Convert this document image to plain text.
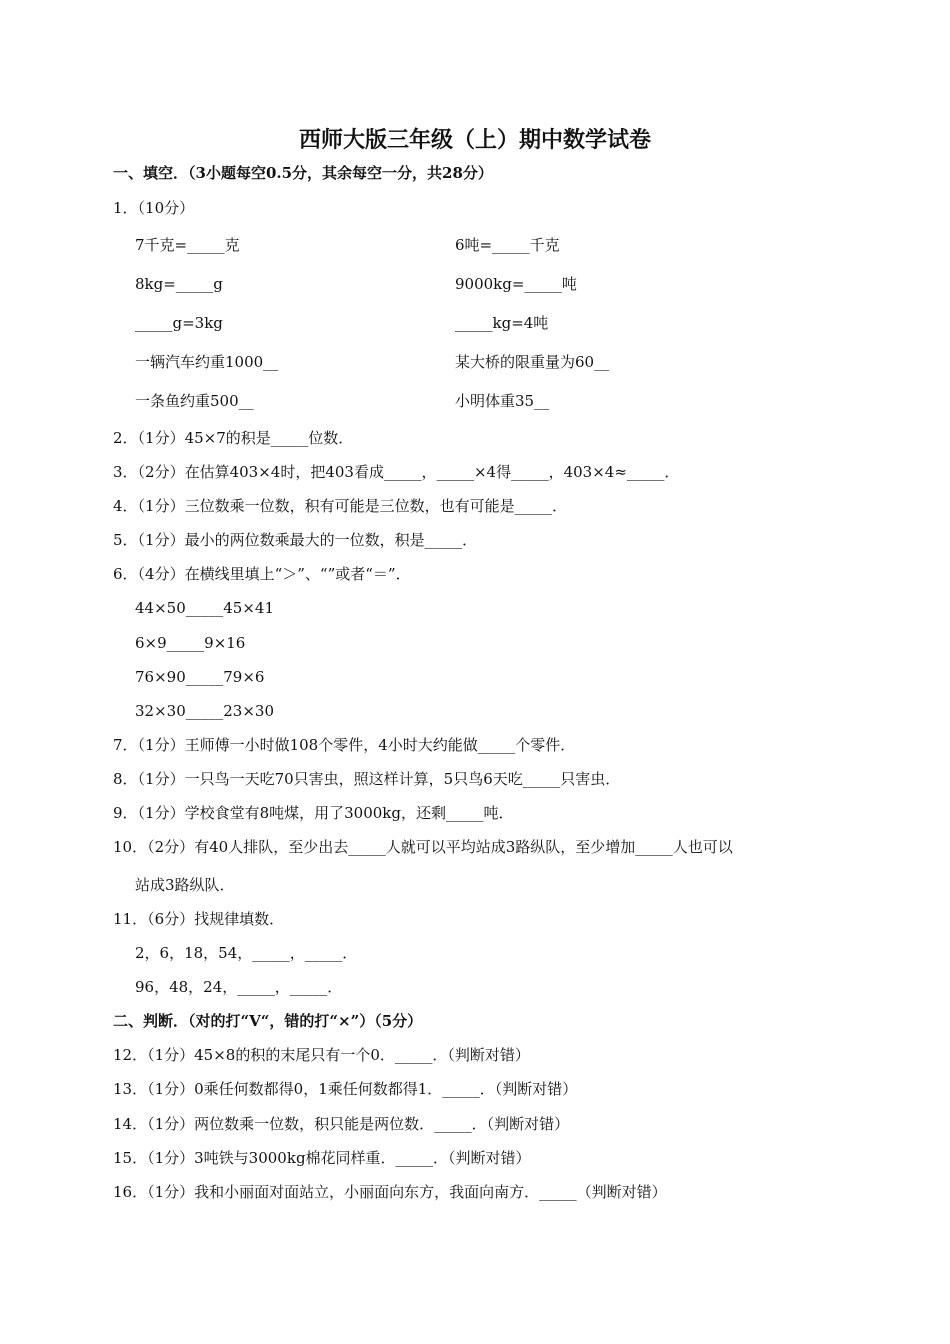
西师大版三年级（上）期中数学试卷
一、填空．（3小题每空0.5分，其余每空一分，共28分）
1．（10分）
7千克=_____克	6吨=_____千克
8kg=_____g	9000kg=_____吨
_____g=3kg	_____kg=4吨
一辆汽车约重1000__	某大桥的限重量为60__
一条鱼约重500__	小明体重35__
2．（1分）45×7的积是_____位数．
3．（2分）在估算403×4时，把403看成_____，_____×4得_____，403×4≈_____．
4．（1分）三位数乘一位数，积有可能是三位数，也有可能是_____．
5．（1分）最小的两位数乘最大的一位数，积是_____．
6．（4分）在横线里填上“＞”、“”或者“＝”．
44×50_____45×41
6×9_____9×16
76×90_____79×6
32×30_____23×30
7．（1分）王师傅一小时做108个零件，4小时大约能做_____个零件．
8．（1分）一只鸟一天吃70只害虫，照这样计算，5只鸟6天吃_____只害虫．
9．（1分）学校食堂有8吨煤，用了3000kg，还剩_____吨．
10．（2分）有40人排队，至少出去_____人就可以平均站成3路纵队，至少增加_____人也可以
站成3路纵队．
11．（6分）找规律填数．
2，6，18，54，_____，_____．
96，48，24，_____，_____．
二、判断．（对的打“V“，错的打“×”）（5分）
12．（1分）45×8的积的末尾只有一个0．_____．（判断对错）
13．（1分）0乘任何数都得0，1乘任何数都得1．_____．（判断对错）
14．（1分）两位数乘一位数，积只能是两位数．_____．（判断对错）
15．（1分）3吨铁与3000kg棉花同样重．_____．（判断对错）
16．（1分）我和小丽面对面站立，小丽面向东方，我面向南方．_____（判断对错）
